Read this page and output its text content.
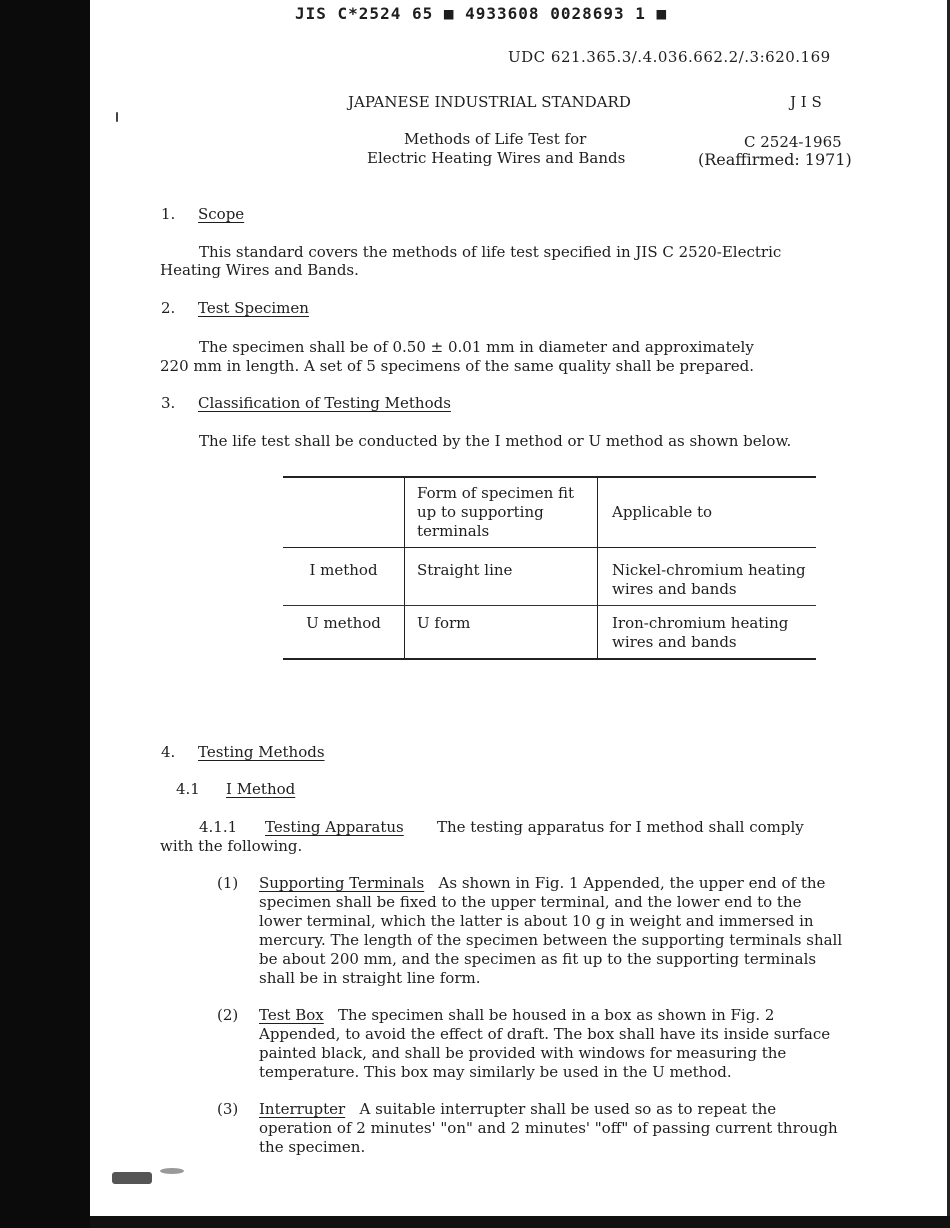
JIS C*2524 65 ■ 4933608 0028693 1 ■
UDC 621.365.3/.4.036.662.2/.3:620.169
JAPANESE INDUSTRIAL STANDARD	J I S
Methods of Life Test for
Electric Heating Wires and Bands
C 2524-1965
(Reaffirmed: 1971)
1. Scope
This standard covers the methods of life test specified in JIS C 2520-Electric
Heating Wires and Bands.
2. Test Specimen
The specimen shall be of 0.50 ± 0.01 mm in diameter and approximately
220 mm in length. A set of 5 specimens of the same quality shall be prepared.
3. Classification of Testing Methods
The life test shall be conducted by the I method or U method as shown below.
	Form of specimen fit up to supporting terminals	Applicable to
I method	Straight line	Nickel-chromium heating wires and bands
U method	U form	Iron-chromium heating wires and bands
4. Testing Methods
4.1 I Method
4.1.1 Testing Apparatus The testing apparatus for I method shall comply
with the following.
(1) Supporting Terminals As shown in Fig. 1 Appended, the upper end of the specimen shall be fixed to the upper terminal, and the lower end to the lower terminal, which the latter is about 10 g in weight and immersed in mercury. The length of the specimen between the supporting terminals shall be about 200 mm, and the specimen as fit up to the supporting terminals shall be in straight line form.
(2) Test Box The specimen shall be housed in a box as shown in Fig. 2 Appended, to avoid the effect of draft. The box shall have its inside surface painted black, and shall be provided with windows for measuring the temperature. This box may similarly be used in the U method.
(3) Interrupter A suitable interrupter shall be used so as to repeat the operation of 2 minutes' "on" and 2 minutes' "off" of passing current through the specimen.
